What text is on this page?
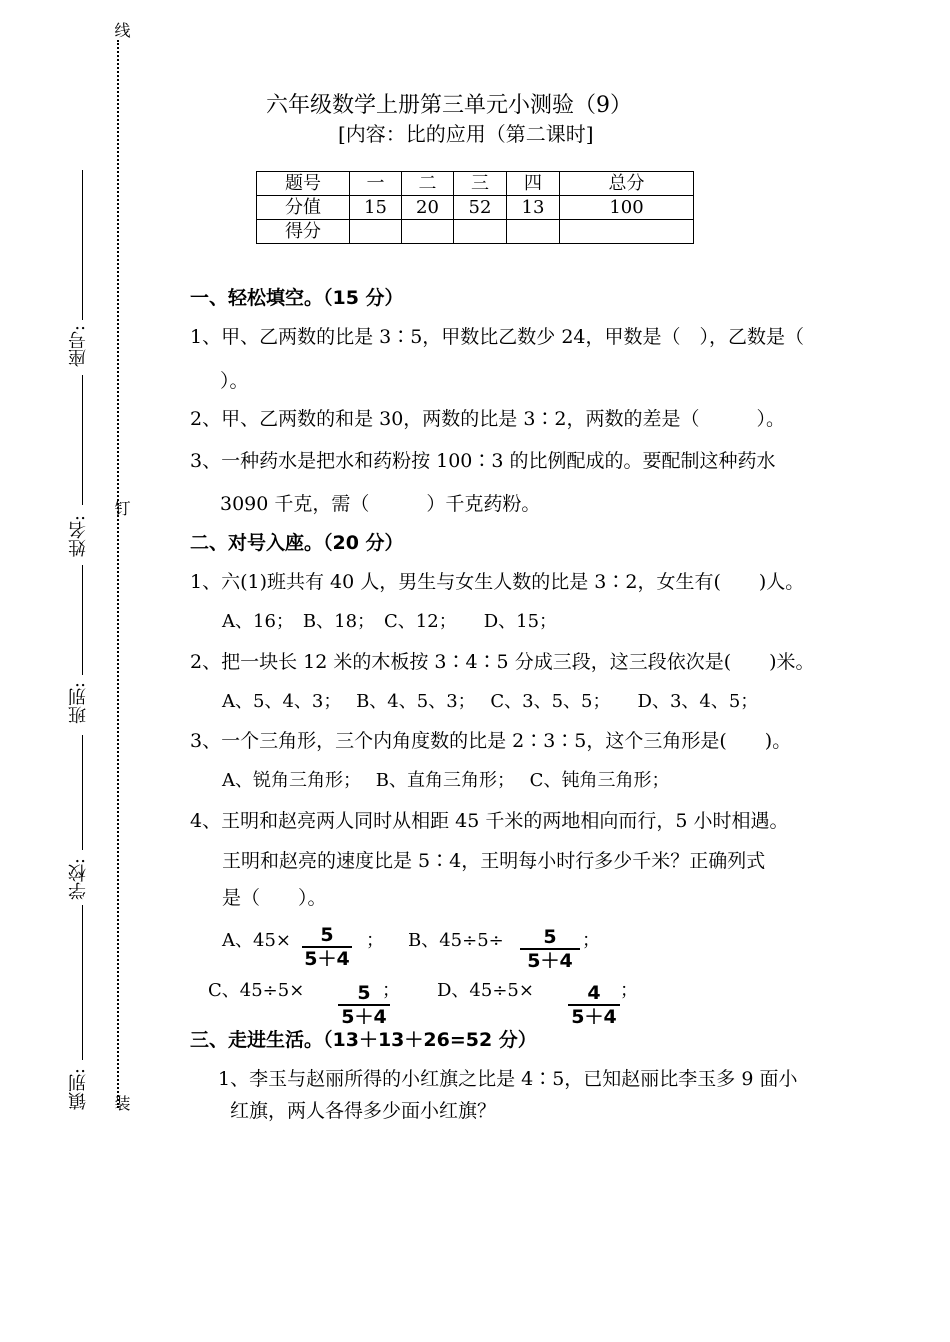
线
钉
装
座号:
姓名:
班别:
学校:
镇别:
六年级数学上册第三单元小测验（9）
[内容：比的应用（第二课时]
题号	一	二	三	四	总分
分值	15	20	52	13	100
得分					
一、轻松填空。（15 分）
1、甲、乙两数的比是 3∶5，甲数比乙数少 24，甲数是（　），乙数是（
）。
2、甲、乙两数的和是 30，两数的比是 3∶2，两数的差是（　　　）。
3、一种药水是把水和药粉按 100∶3 的比例配成的。要配制这种药水
3090 千克，需（　　　）千克药粉。
二、对号入座。（20 分）
1、六(1)班共有 40 人，男生与女生人数的比是 3∶2，女生有(　　)人。
A、16；　B、18；　C、12；　　D、15；
2、把一块长 12 米的木板按 3∶4∶5 分成三段，这三段依次是(　　)米。
A、5、4、3；　 B、4、5、3；　 C、3、5、5；　　D、3、4、5；
3、一个三角形，三个内角度数的比是 2∶3∶5，这个三角形是(　　)。
A、锐角三角形；　 B、直角三角形；　 C、钝角三角形；
4、王明和赵亮两人同时从相距 45 千米的两地相向而行，5 小时相遇。
王明和赵亮的速度比是 5∶4，王明每小时行多少千米？正确列式
是（　　）。
A、45×	5
5＋4
； B、45÷5÷	5
5＋4
；
C、45÷5×	5
5＋4
； D、45÷5×	4
5＋4
；
三、走进生活。（13＋13＋26=52 分）
1、李玉与赵丽所得的小红旗之比是 4∶5，已知赵丽比李玉多 9 面小
红旗，两人各得多少面小红旗？
